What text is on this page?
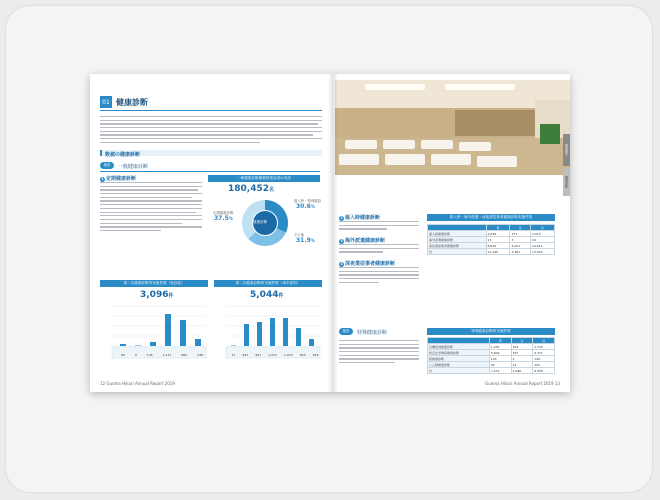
01 健康診断
数値の健康診断
施設	一般健康診断
1 定期健康診断	一般健康診断種類別受診者の内訳
180,452名
健康診断
定期健康診断
37.5%
雇入時・特殊健診
30.6%
その他
31.9%
第二次健康診断等実施件数（受診数）
3,096件
89	9	145	1,117	882	238
第二次健康診断等実施件数（単年度別）
5,044件
17 847 907 1,071 1,074 693 252
12 Gunma Hikari Annual Report 2019
事業紹介
健康診断
2 雇入時健康診断
3 海外派遣健康診断
4 深夜業従事者健康診断
雇入時・海外派遣・深夜業従事者健康診断実施件数
	男	女	計
雇入時健康診断	2,536	377	2,913
海外派遣健康診断	13	3	16
深夜業従事者健康診断	8,620	2,001	10,621
計	11,169	2,381	13,550
施設	特殊健康診断	特殊健康診断等実施件数
	男	女	計
有機溶剤健康診断	1,435	304	1,739
特定化学物質健康診断	5,604	767	6,371
鉛健康診断	143	3	146
じん肺健康診断	90	12	102
計	7,272	1,086	8,358
Gunma Hikari Annual Report 2019 13
